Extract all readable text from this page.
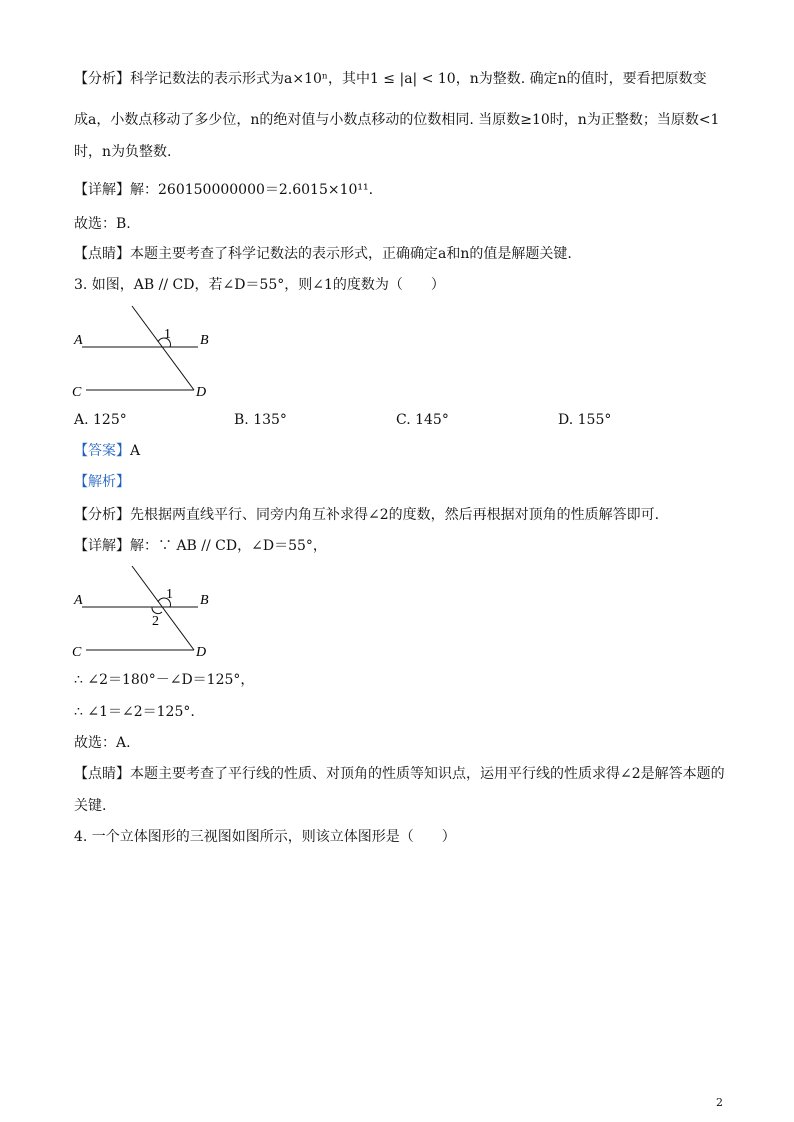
【分析】科学记数法的表示形式为a×10ⁿ，其中1 ≤ |a| < 10，n为整数. 确定n的值时，要看把原数变
成a，小数点移动了多少位，n的绝对值与小数点移动的位数相同. 当原数≥10时，n为正整数；当原数<1
时，n为负整数.
【详解】解：260150000000＝2.6015×10¹¹.
故选：B.
【点睛】本题主要考查了科学记数法的表示形式，正确确定a和n的值是解题关键.
3. 如图，AB // CD，若∠D＝55°，则∠1的度数为（　　）
A	B
C	D
1
A. 125°	B. 135°	C. 145°	D. 155°
【答案】A
【解析】
【分析】先根据两直线平行、同旁内角互补求得∠2的度数，然后再根据对顶角的性质解答即可.
【详解】解：∵ AB // CD，∠D＝55°，
A	B
C	D
1
2
∴ ∠2＝180°－∠D＝125°，
∴ ∠1＝∠2＝125°.
故选：A.
【点睛】本题主要考查了平行线的性质、对顶角的性质等知识点，运用平行线的性质求得∠2是解答本题的
关键.
4. 一个立体图形的三视图如图所示，则该立体图形是（　　）
2
